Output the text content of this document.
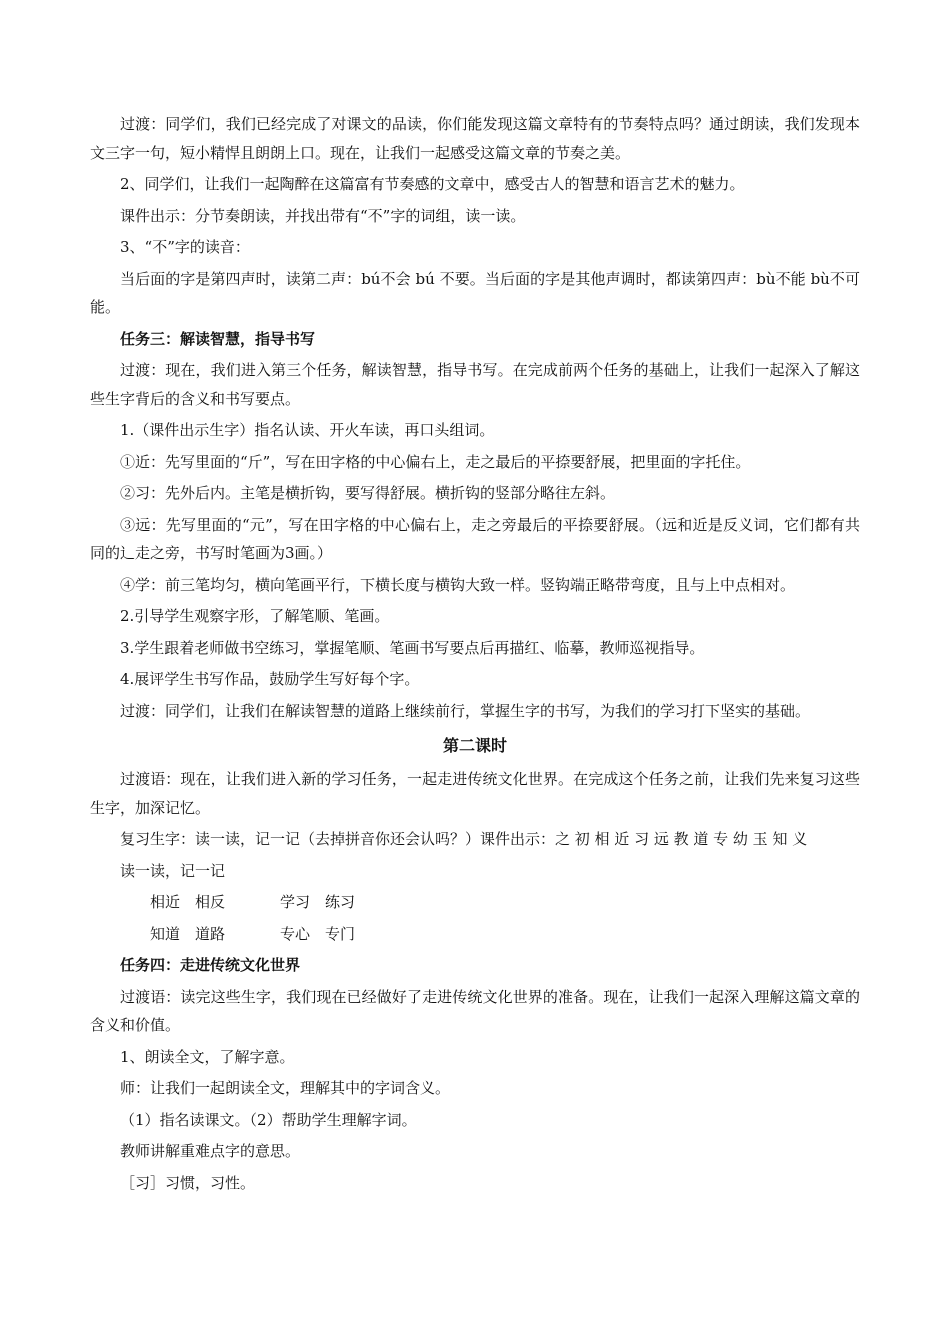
过渡：同学们，我们已经完成了对课文的品读，你们能发现这篇文章特有的节奏特点吗？通过朗读，我们发现本文三字一句，短小精悍且朗朗上口。现在，让我们一起感受这篇文章的节奏之美。

2、同学们，让我们一起陶醉在这篇富有节奏感的文章中，感受古人的智慧和语言艺术的魅力。

课件出示：分节奏朗读，并找出带有“不”字的词组，读一读。

3、“不”字的读音：

当后面的字是第四声时，读第二声：bú不会 bú 不要。当后面的字是其他声调时，都读第四声：bù不能 bù不可能。

任务三：解读智慧，指导书写

过渡：现在，我们进入第三个任务，解读智慧，指导书写。在完成前两个任务的基础上，让我们一起深入了解这些生字背后的含义和书写要点。

1.（课件出示生字）指名认读、开火车读，再口头组词。

①近：先写里面的“斤”，写在田字格的中心偏右上，走之最后的平捺要舒展，把里面的字托住。

②习：先外后内。主笔是横折钩，要写得舒展。横折钩的竖部分略往左斜。

③远：先写里面的“元”，写在田字格的中心偏右上，走之旁最后的平捺要舒展。（远和近是反义词，它们都有共同的辶走之旁，书写时笔画为3画。）

④学：前三笔均匀，横向笔画平行，下横长度与横钩大致一样。竖钩端正略带弯度，且与上中点相对。

2.引导学生观察字形，了解笔顺、笔画。

3.学生跟着老师做书空练习，掌握笔顺、笔画书写要点后再描红、临摹，教师巡视指导。

4.展评学生书写作品，鼓励学生写好每个字。

过渡：同学们，让我们在解读智慧的道路上继续前行，掌握生字的书写，为我们的学习打下坚实的基础。

第二课时

过渡语：现在，让我们进入新的学习任务，一起走进传统文化世界。在完成这个任务之前，让我们先来复习这些生字，加深记忆。

复习生字：读一读，记一记（去掉拼音你还会认吗？）课件出示：之 初 相 近 习 远 教 道 专 幼 玉 知 义

读一读，记一记

相近　相反	学习　练习

知道　道路	专心　专门

任务四：走进传统文化世界

过渡语：读完这些生字，我们现在已经做好了走进传统文化世界的准备。现在，让我们一起深入理解这篇文章的含义和价值。

1、朗读全文，了解字意。

师：让我们一起朗读全文，理解其中的字词含义。

（1）指名读课文。（2）帮助学生理解字词。

教师讲解重难点字的意思。

［习］习惯，习性。
